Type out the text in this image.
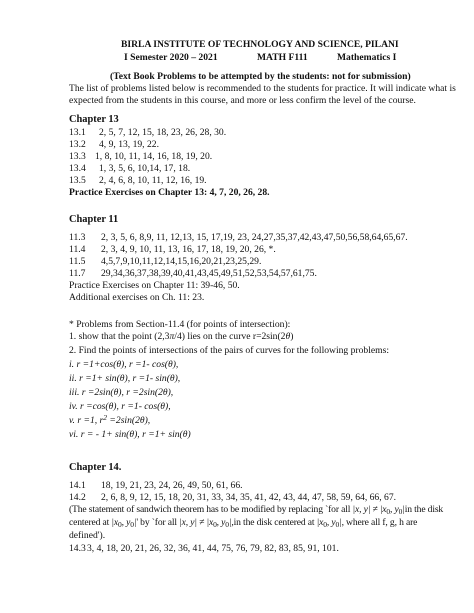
BIRLA INSTITUTE OF TECHNOLOGY AND SCIENCE, PILANI
I Semester 2020 – 2021	MATH F111	Mathematics I
(Text Book Problems to be attempted by the students: not for submission)
The list of problems listed below is recommended to the students for practice. It will indicate what is
expected from the students in this course, and more or less confirm the level of the course.
Chapter 13
13.1 2, 5, 7, 12, 15, 18, 23, 26, 28, 30.
13.2 4, 9, 13, 19, 22.
13.3 1, 8, 10, 11, 14, 16, 18, 19, 20.
13.4 1, 3, 5, 6, 10,14, 17, 18.
13.5 2, 4, 6, 8, 10, 11, 12, 16, 19.
Practice Exercises on Chapter 13: 4, 7, 20, 26, 28.
Chapter 11
11.3 2, 3, 5, 6, 8,9, 11, 12,13, 15, 17,19, 23, 24,27,35,37,42,43,47,50,56,58,64,65,67.
11.4 2, 3, 4, 9, 10, 11, 13, 16, 17, 18, 19, 20, 26, *.
11.5 4,5,7,9,10,11,12,14,15,16,20,21,23,25,29.
11.7 29,34,36,37,38,39,40,41,43,45,49,51,52,53,54,57,61,75.
Practice Exercises on Chapter 11: 39-46, 50.
Additional exercises on Ch. 11: 23.
* Problems from Section-11.4 (for points of intersection):
1. show that the point (2,3π/4) lies on the curve r=2sin(2θ)
2. Find the points of intersections of the pairs of curves for the following problems:
i. r =1+cos(θ), r =1- cos(θ),
ii. r =1+ sin(θ), r =1- sin(θ),
iii. r =2sin(θ), r =2sin(2θ),
iv. r =cos(θ), r =1- cos(θ),
v. r =1, $r^2 =2\sin(2\theta)$,
vi. r = - 1+ sin(θ), r =1+ sin(θ)
Chapter 14.
14.1 18, 19, 21, 23, 24, 26, 49, 50, 61, 66.
14.2 2, 6, 8, 9, 12, 15, 18, 20, 31, 33, 34, 35, 41, 42, 43, 44, 47, 58, 59, 64, 66, 67.
(The statement of sandwich theorem has to be modified by replacing `for all |x, $y| \ne |x_0$, $y_0|in$ the disk
centered at $|x_0$, $y_0|'$ by `for all |x, $y| \ne |x_0$, $y_0|,in$ the disk centered at $|x_0$, $y_0|$, where all f, g, h are
defined').
14.33, 4, 18, 20, 21, 26, 32, 36, 41, 44, 75, 76, 79, 82, 83, 85, 91, 101.
